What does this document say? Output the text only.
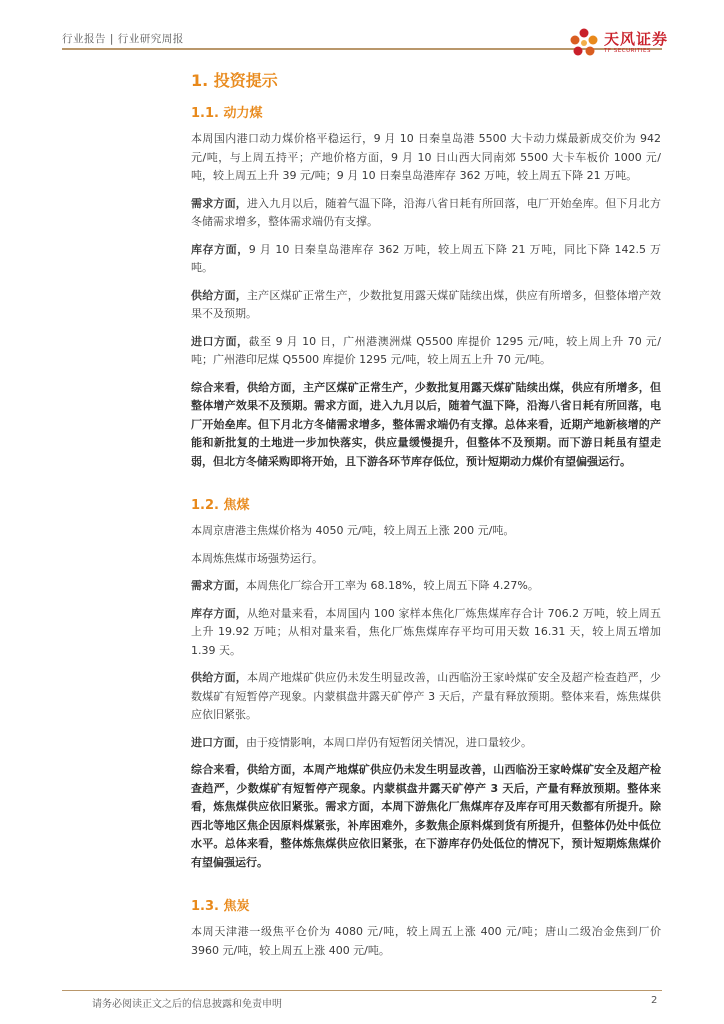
行业报告 | 行业研究周报	天风证券
TF SECURITIES
1. 投资提示
1.1. 动力煤

本周国内港口动力煤价格平稳运行，9 月 10 日秦皇岛港 5500 大卡动力煤最新成交价为 942 元/吨，与上周五持平；产地价格方面，9 月 10 日山西大同南郊 5500 大卡车板价 1000 元/吨，较上周五上升 39 元/吨；9 月 10 日秦皇岛港库存 362 万吨，较上周五下降 21 万吨。

需求方面，进入九月以后，随着气温下降，沿海八省日耗有所回落，电厂开始垒库。但下月北方冬储需求增多，整体需求端仍有支撑。

库存方面，9 月 10 日秦皇岛港库存 362 万吨，较上周五下降 21 万吨，同比下降 142.5 万吨。

供给方面，主产区煤矿正常生产，少数批复用露天煤矿陆续出煤，供应有所增多，但整体增产效果不及预期。

进口方面，截至 9 月 10 日，广州港澳洲煤 Q5500 库提价 1295 元/吨，较上周上升 70 元/吨；广州港印尼煤 Q5500 库提价 1295 元/吨，较上周五上升 70 元/吨。

综合来看，供给方面，主产区煤矿正常生产，少数批复用露天煤矿陆续出煤，供应有所增多，但整体增产效果不及预期。需求方面，进入九月以后，随着气温下降，沿海八省日耗有所回落，电厂开始垒库。但下月北方冬储需求增多，整体需求端仍有支撑。总体来看，近期产地新核增的产能和新批复的土地进一步加快落实，供应量缓慢提升，但整体不及预期。而下游日耗虽有望走弱，但北方冬储采购即将开始，且下游各环节库存低位，预计短期动力煤价有望偏强运行。

1.2. 焦煤

本周京唐港主焦煤价格为 4050 元/吨，较上周五上涨 200 元/吨。

本周炼焦煤市场强势运行。

需求方面，本周焦化厂综合开工率为 68.18%，较上周五下降 4.27%。

库存方面，从绝对量来看，本周国内 100 家样本焦化厂炼焦煤库存合计 706.2 万吨，较上周五上升 19.92 万吨；从相对量来看，焦化厂炼焦煤库存平均可用天数 16.31 天，较上周五增加 1.39 天。

供给方面，本周产地煤矿供应仍未发生明显改善，山西临汾王家岭煤矿安全及超产检查趋严，少数煤矿有短暂停产现象。内蒙棋盘井露天矿停产 3 天后，产量有释放预期。整体来看，炼焦煤供应依旧紧张。

进口方面，由于疫情影响，本周口岸仍有短暂闭关情况，进口量较少。

综合来看，供给方面，本周产地煤矿供应仍未发生明显改善，山西临汾王家岭煤矿安全及超产检查趋严，少数煤矿有短暂停产现象。内蒙棋盘井露天矿停产 3 天后，产量有释放预期。整体来看，炼焦煤供应依旧紧张。需求方面，本周下游焦化厂焦煤库存及库存可用天数都有所提升。除西北等地区焦企因原料煤紧张，补库困难外，多数焦企原料煤到货有所提升，但整体仍处中低位水平。总体来看，整体炼焦煤供应依旧紧张，在下游库存仍处低位的情况下，预计短期炼焦煤价有望偏强运行。

1.3. 焦炭

本周天津港一级焦平仓价为 4080 元/吨，较上周五上涨 400 元/吨；唐山二级冶金焦到厂价 3960 元/吨，较上周五上涨 400 元/吨。

请务必阅读正文之后的信息披露和免责申明	2
